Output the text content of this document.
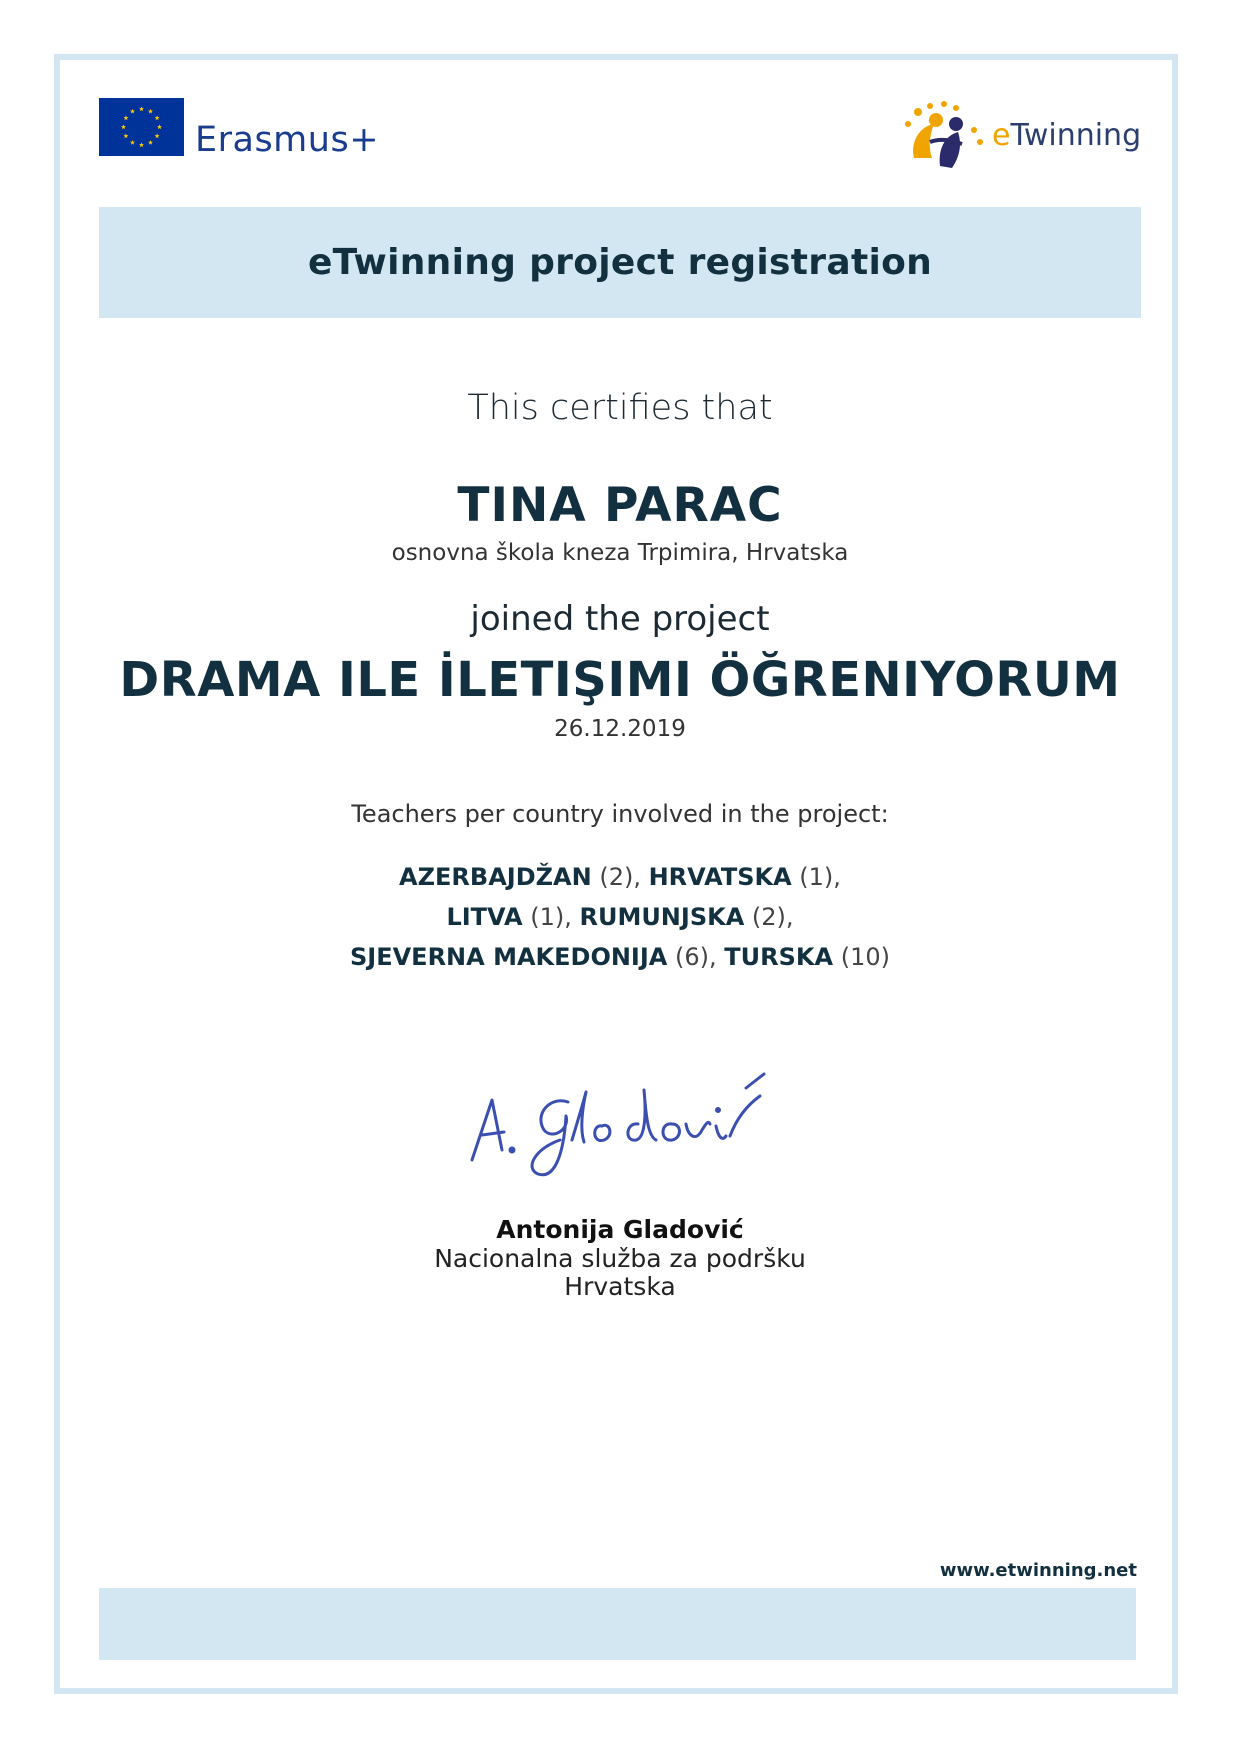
Erasmus+	eTwinning
eTwinning project registration
This certifies that
TINA PARAC
osnovna škola kneza Trpimira, Hrvatska
joined the project
DRAMA ILE İLETIŞIMI ÖĞRENIYORUM
26.12.2019
Teachers per country involved in the project:
AZERBAJDŽAN (2), HRVATSKA (1),
LITVA (1), RUMUNJSKA (2),
SJEVERNA MAKEDONIJA (6), TURSKA (10)
Antonija Gladović
Nacionalna služba za podršku
Hrvatska
www.etwinning.net
